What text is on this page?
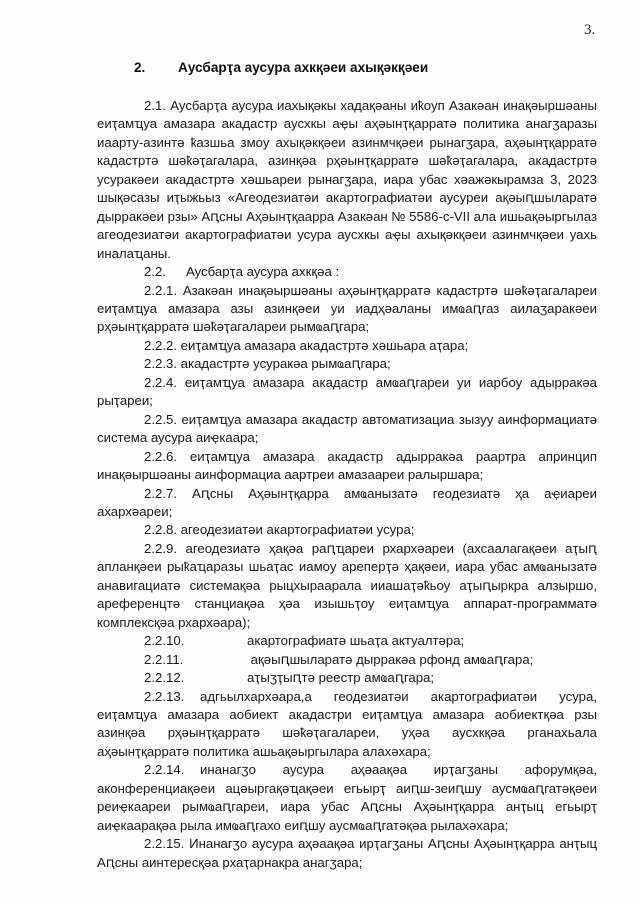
3.
2. Аусбарҭа аусура ахкқәеи ахықәкқәеи

2.1. Аусбарҭа аусура иахықәкы хадақәаны иҟоуп Азакәан инақәыршәаны еиҭамҵуа амазара акадастр аусхкы аҿы аҳәынҭқарратә политика анагӡаразы иаарту-азинтә ҟазшьа змоу ахықәкқәеи азинмчқәеи рынагӡара, аҳәынҭқарратә кадастртә шәҟәҭагалара, азинқәа рҳәынҭқарратә шәҟәҭагалара, акадастртә усуракәеи акадастртә хәшьареи рынагӡара, иара убас хәажәкырамза 3, 2023 шықәсазы иҭыжьыз «Агеодезиатәи акартографиатәи аусуреи ақәыԥшыларатә дырракәеи рзы» Аԥсны Аҳәынҭқаарра Азакәан № 5586-с-VII ала ишьақәыргылаз агеодезиатәи акартографиатәи усура аусхкы аҿы ахықәкқәеи азинмчқәеи уахь иналаҵаны.

2.2. Аусбарҭа аусура ахкқәа :

2.2.1. Азакәан инақәыршәаны аҳәынҭқарратә кадастртә шәҟәҭагалареи еиҭамҵуа амазара азы азинқәеи уи иадҳәаланы имҩаԥгаз аилаӡаракәеи рҳәынҭқарратә шәҟәҭагалареи рымҩаԥгара;

2.2.2. еиҭамҵуа амазара акадастртә хәшьара аҭара;

2.2.3. акадастртә усуракәа рымҩаԥгара;

2.2.4. еиҭамҵуа амазара акадастр амҩаԥгареи уи иарбоу адырракәа рыҭареи;

2.2.5. еиҭамҵуа амазара акадастр автоматизациа зызуу аинформациатә система аусура аиҿкаара;

2.2.6. еиҭамҵуа амазара акадастр адырракәа раартра апринцип инақәыршәаны аинформациа аартреи амазаареи ралыршара;

2.2.7. Аԥсны Аҳәынҭқарра амҩанызатә геодезиатә ҳа аҿиареи ахархәареи;

2.2.8. агеодезиатәи акартографиатәи усура;

2.2.9. агеодезиатә ҳақәа раԥҵареи рхархәареи (ахсаалагақәеи аҭыԥ апланқәеи рыҟаҵаразы шьаҭас иамоу ареперҭә ҳақәеи, иара убас амҩанызатә анавигациатә системақәа рыцхыраарала ииашаҭәҟьоу аҭыԥыркра алзыршо, ареференцтә станциақәа ҳәа изышьҭоу еиҭамҵуа аппарат-программатә комплексқәа рхархәара);

2.2.10.	акартографиатә шьаҭа актуалтәра;
2.2.11.	ақәыԥшыларатә дырракәа рфонд амҩаԥгара;
2.2.12.	аҭыӡҭыԥтә реестр амҩаԥгара;

2.2.13. адгьылхархәара,а геодезиатәи акартографиатәи усура, еиҭамҵуа амазара аобиект акадастри еиҭамҵуа амазара аобиектқәа рзы азинқәа рҳәынҭқарратә шәҟәҭагалареи, уҳәа аусхкқәа рганахьала аҳәынҭқарратә политика ашьақәыргылара алахәхара;

2.2.14. инанагӡо аусура аҳәаақәа ирҭагӡаны афорумқәа, аконференциақәеи ацәыргақәҵақәеи егьырҭ аиԥш-зеиԥшу аусмҩаԥгатәқәеи реиҿкаареи рымҩаԥгареи, иара убас Аԥсны Аҳәынҭқарра анҭыц егьырҭ аиҿкаарақәа рыла имҩаԥгахо еиԥшу аусмҩаԥгатәқәа рылахәхара;

2.2.15. Инанагӡо аусура аҳәаақәа ирҭагӡаны Аԥсны Аҳәынҭқарра анҭыц Аԥсны аинтересқәа рхаҭарнакра анагӡара;
